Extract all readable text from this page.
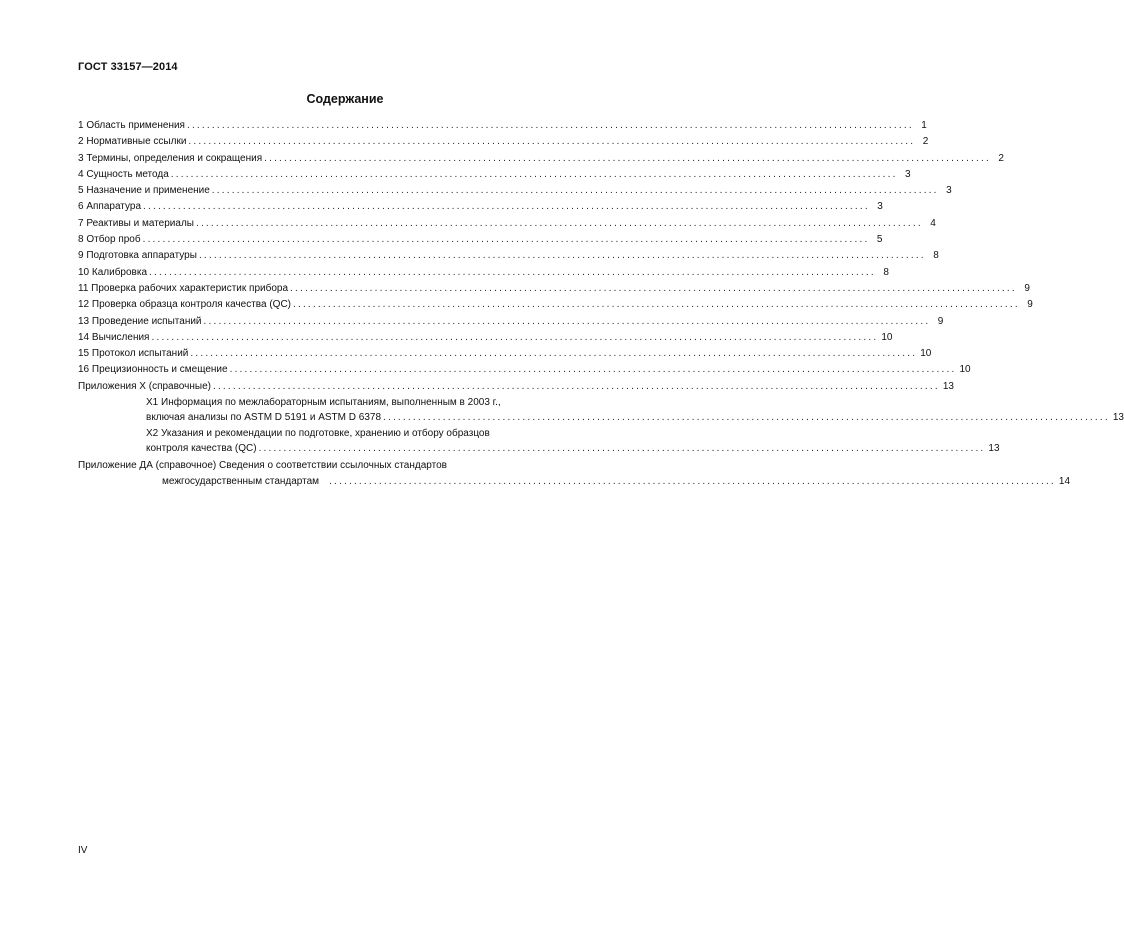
ГОСТ 33157—2014
Содержание
1 Область применения .................................................................................................................................................. 1
2 Нормативные ссылки .................................................................................................................................................. 2
3 Термины, определения и сокращения .................................................................................................................................................. 2
4 Сущность метода .................................................................................................................................................. 3
5 Назначение и применение .................................................................................................................................................. 3
6 Аппаратура .................................................................................................................................................. 3
7 Реактивы и материалы .................................................................................................................................................. 4
8 Отбор проб .................................................................................................................................................. 5
9 Подготовка аппаратуры .................................................................................................................................................. 8
10 Калибровка .................................................................................................................................................. 8
11 Проверка рабочих характеристик прибора .................................................................................................................................................. 9
12 Проверка образца контроля качества (QC) .................................................................................................................................................. 9
13 Проведение испытаний .................................................................................................................................................. 9
14 Вычисления .................................................................................................................................................. 10
15 Протокол испытаний .................................................................................................................................................. 10
16 Прецизионность и смещение .................................................................................................................................................. 10
Приложения Х (справочные) .................................................................................................................................................. 13
Х1 Информация по межлабораторным испытаниям, выполненным в 2003 г.,
включая анализы по ASTM D 5191 и ASTM D 6378 .................................................................................................................................................. 13
Х2 Указания и рекомендации по подготовке, хранению и отбору образцов
контроля качества (QC) .................................................................................................................................................. 13
Приложение ДА (справочное) Сведения о соответствии ссылочных стандартов
межгосударственным стандартам .................................................................................................................................................. 14
IV
